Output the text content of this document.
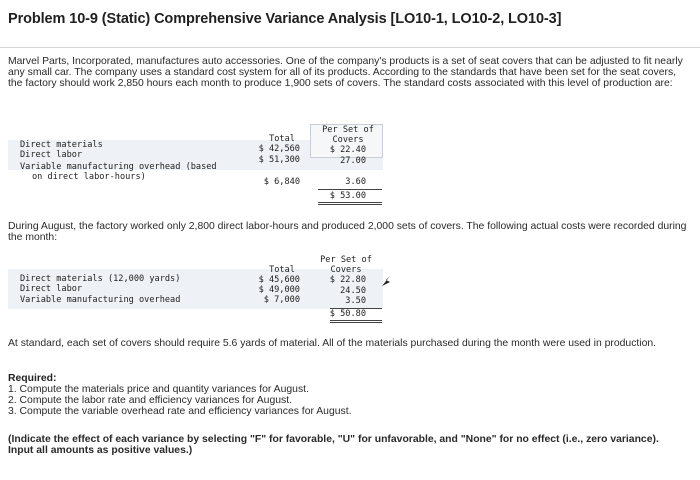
Problem 10-9 (Static) Comprehensive Variance Analysis [LO10-1, LO10-2, LO10-3]
Marvel Parts, Incorporated, manufactures auto accessories. One of the company's products is a set of seat covers that can be adjusted to fit nearly any small car. The company uses a standard cost system for all of its products. According to the standards that have been set for the seat covers, the factory should work 2,850 hours each month to produce 1,900 sets of covers. The standard costs associated with this level of production are:
Per Set of
Covers
Total
Direct materials	$ 42,560	$ 22.40
Direct labor	$ 51,300	27.00
Variable manufacturing overhead (based
on direct labor-hours)	$ 6,840	3.60
$ 53.00
During August, the factory worked only 2,800 direct labor-hours and produced 2,000 sets of covers. The following actual costs were recorded during the month:
Per Set of
Covers
Total
Direct materials (12,000 yards)	$ 45,600	$ 22.80
Direct labor	$ 49,000	24.50
Variable manufacturing overhead	$ 7,000	3.50
$ 50.80
At standard, each set of covers should require 5.6 yards of material. All of the materials purchased during the month were used in production.
Required:
1. Compute the materials price and quantity variances for August.
2. Compute the labor rate and efficiency variances for August.
3. Compute the variable overhead rate and efficiency variances for August.
(Indicate the effect of each variance by selecting "F" for favorable, "U" for unfavorable, and "None" for no effect (i.e., zero variance). Input all amounts as positive values.)
